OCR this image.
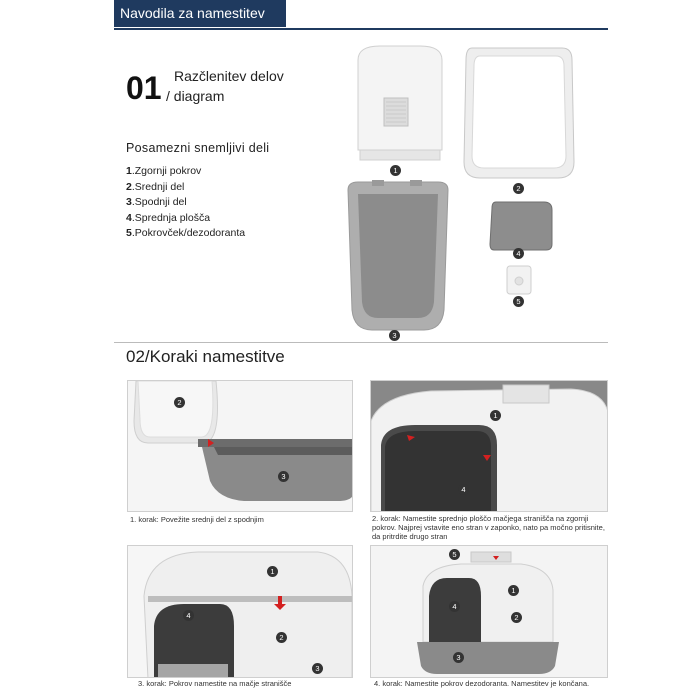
Navodila za namestitev
01 Razčlenitev delov
/ diagram
Posamezni snemljivi deli
1.Zgornji pokrov
2.Srednji del
3.Spodnji del
4.Sprednja plošča
5.Pokrovček/dezodoranta
1
2
3
4
5
02/Koraki namestitve
2
3
1. korak: Povežite srednji del z spodnjim
1
4
2. korak: Namestite sprednjo ploščo mačjega stranišča na zgornji pokrov. Najprej vstavite eno stran v zaponko, nato pa močno pritisnite, da pritrdite drugo stran
1
4
2
3
3. korak: Pokrov namestite na mačje stranišče
5
1
4
2
3
4. korak: Namestite pokrov dezodoranta. Namestitev je končana.
